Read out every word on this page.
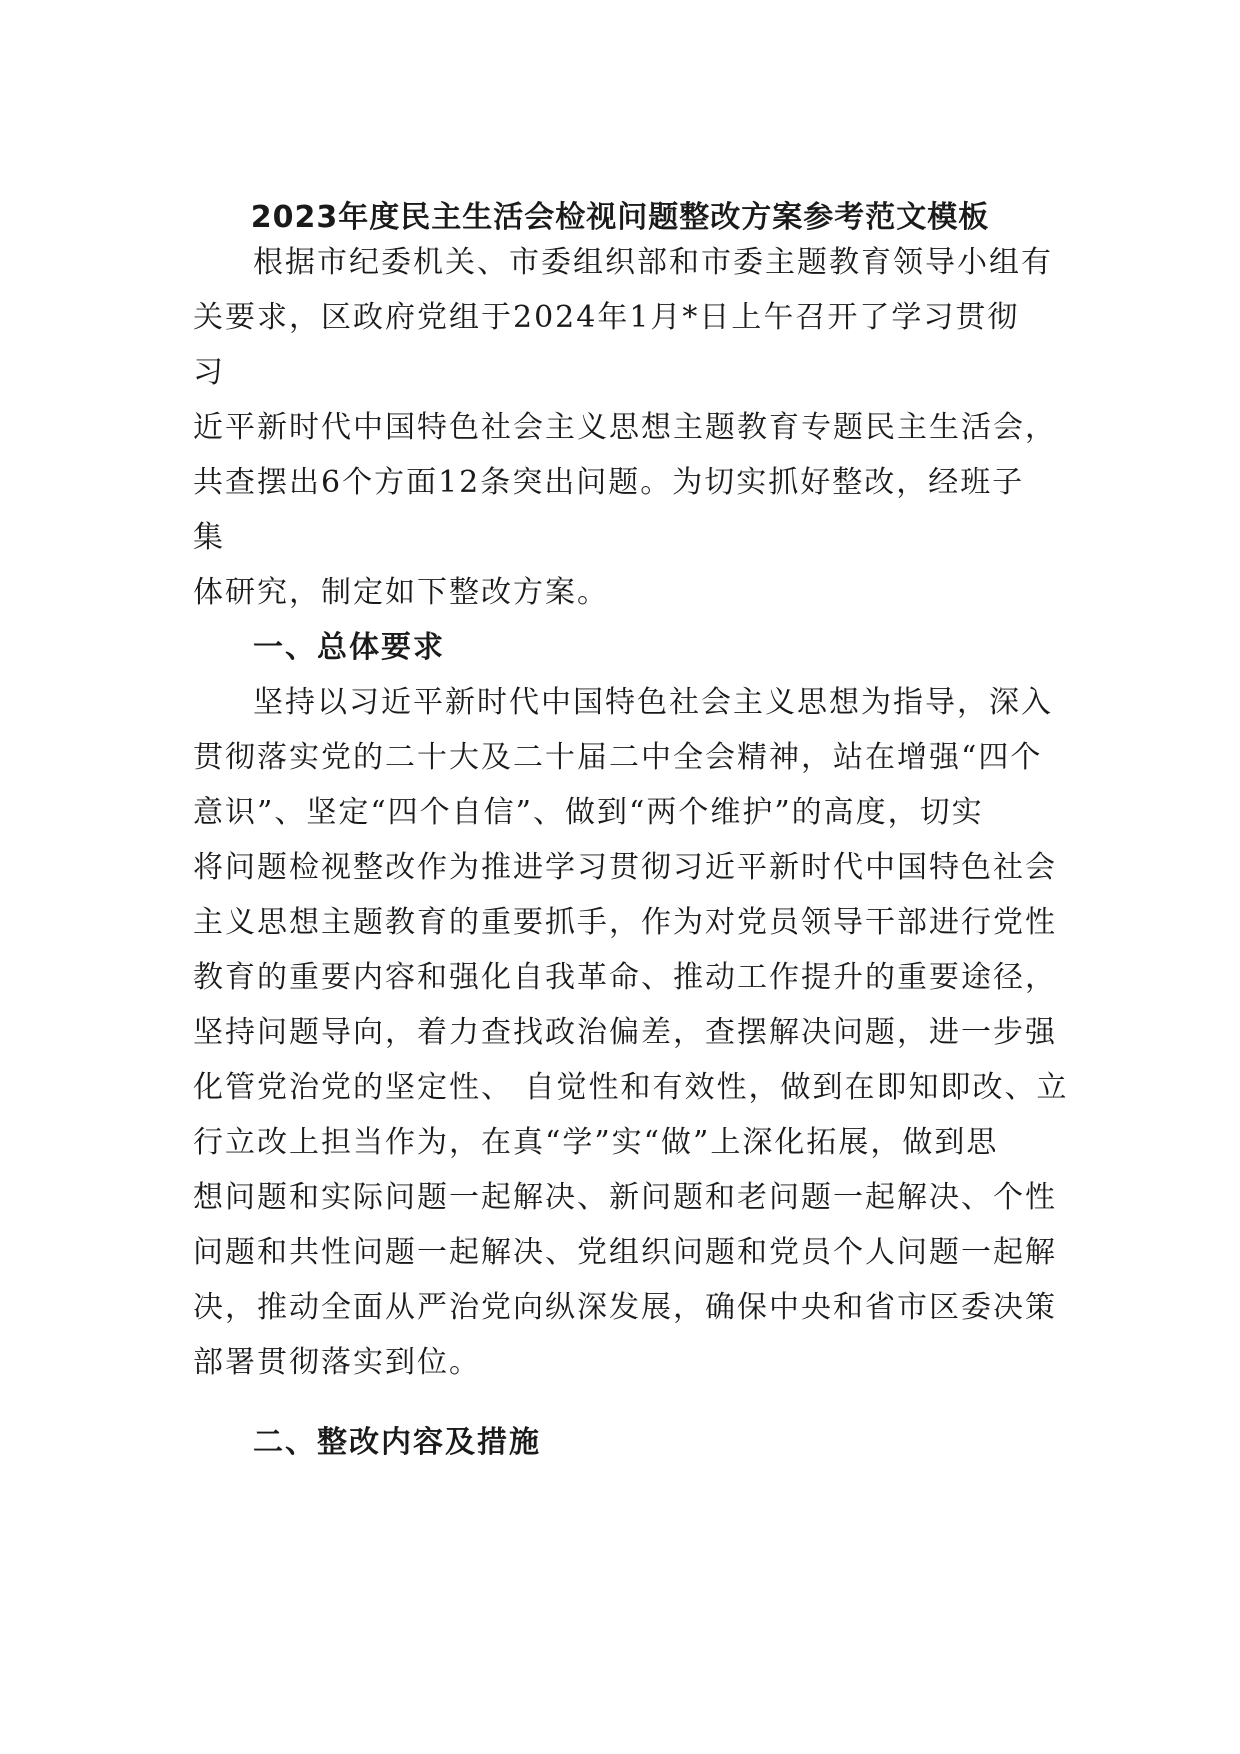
2023年度民主生活会检视问题整改方案参考范文模板

根据市纪委机关、市委组织部和市委主题教育领导小组有

关要求，区政府党组于2024年1月*日上午召开了学习贯彻

习

近平新时代中国特色社会主义思想主题教育专题民主生活会，

共查摆出6个方面12条突出问题。为切实抓好整改，经班子

集

体研究，制定如下整改方案。

一、总体要求

坚持以习近平新时代中国特色社会主义思想为指导，深入

贯彻落实党的二十大及二十届二中全会精神，站在增强“四个

意识”、坚定“四个自信”、做到“两个维护”的高度，切实

将问题检视整改作为推进学习贯彻习近平新时代中国特色社会

主义思想主题教育的重要抓手，作为对党员领导干部进行党性

教育的重要内容和强化自我革命、推动工作提升的重要途径，

坚持问题导向，着力查找政治偏差，查摆解决问题，进一步强

化管党治党的坚定性、 自觉性和有效性，做到在即知即改、立

行立改上担当作为，在真“学”实“做”上深化拓展，做到思

想问题和实际问题一起解决、新问题和老问题一起解决、个性

问题和共性问题一起解决、党组织问题和党员个人问题一起解

决，推动全面从严治党向纵深发展，确保中央和省市区委决策

部署贯彻落实到位。

二、整改内容及措施
